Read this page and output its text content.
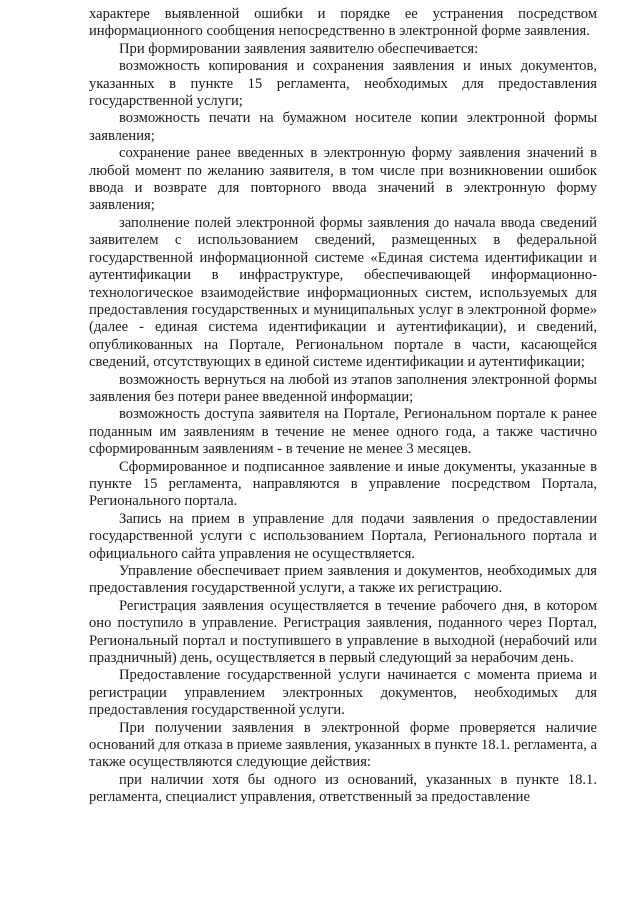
характере выявленной ошибки и порядке ее устранения посредством информационного сообщения непосредственно в электронной форме заявления.

При формировании заявления заявителю обеспечивается:

возможность копирования и сохранения заявления и иных документов, указанных в пункте 15 регламента, необходимых для предоставления государственной услуги;

возможность печати на бумажном носителе копии электронной формы заявления;

сохранение ранее введенных в электронную форму заявления значений в любой момент по желанию заявителя, в том числе при возникновении ошибок ввода и возврате для повторного ввода значений в электронную форму заявления;

заполнение полей электронной формы заявления до начала ввода сведений заявителем с использованием сведений, размещенных в федеральной государственной информационной системе «Единая система идентификации и аутентификации в инфраструктуре, обеспечивающей информационно-технологическое взаимодействие информационных систем, используемых для предоставления государственных и муниципальных услуг в электронной форме» (далее - единая система идентификации и аутентификации), и сведений, опубликованных на Портале, Региональном портале в части, касающейся сведений, отсутствующих в единой системе идентификации и аутентификации;

возможность вернуться на любой из этапов заполнения электронной формы заявления без потери ранее введенной информации;

возможность доступа заявителя на Портале, Региональном портале к ранее поданным им заявлениям в течение не менее одного года, а также частично сформированным заявлениям - в течение не менее 3 месяцев.

Сформированное и подписанное заявление и иные документы, указанные в пункте 15 регламента, направляются в управление посредством Портала, Регионального портала.

Запись на прием в управление для подачи заявления о предоставлении государственной услуги с использованием Портала, Регионального портала и официального сайта управления не осуществляется.

Управление обеспечивает прием заявления и документов, необходимых для предоставления государственной услуги, а также их регистрацию.

Регистрация заявления осуществляется в течение рабочего дня, в котором оно поступило в управление. Регистрация заявления, поданного через Портал, Региональный портал и поступившего в управление в выходной (нерабочий или праздничный) день, осуществляется в первый следующий за нерабочим день.

Предоставление государственной услуги начинается с момента приема и регистрации управлением электронных документов, необходимых для предоставления государственной услуги.

При получении заявления в электронной форме проверяется наличие оснований для отказа в приеме заявления, указанных в пункте 18.1. регламента, а также осуществляются следующие действия:

при наличии хотя бы одного из оснований, указанных в пункте 18.1. регламента, специалист управления, ответственный за предоставление
